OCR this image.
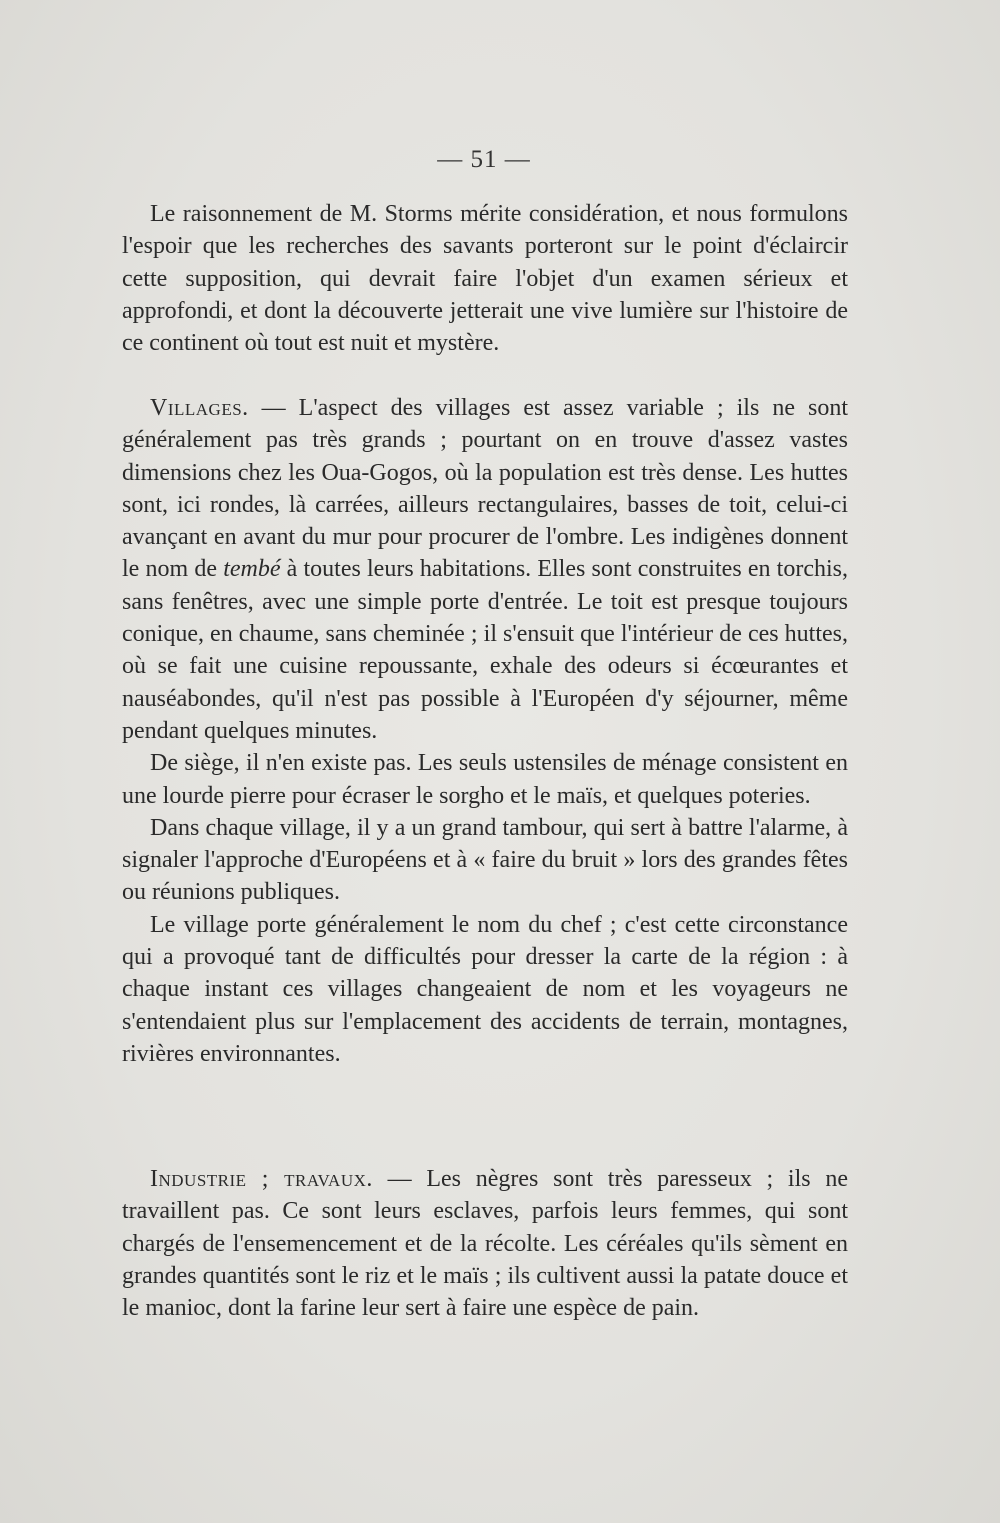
— 51 —

Le raisonnement de M. Storms mérite considération, et nous formulons l'espoir que les recherches des savants porteront sur le point d'éclaircir cette supposition, qui devrait faire l'objet d'un examen sérieux et approfondi, et dont la découverte jetterait une vive lumière sur l'histoire de ce continent où tout est nuit et mystère.

Villages. — L'aspect des villages est assez variable ; ils ne sont généralement pas très grands ; pourtant on en trouve d'assez vastes dimensions chez les Oua-Gogos, où la population est très dense. Les huttes sont, ici rondes, là carrées, ailleurs rectangulaires, basses de toit, celui-ci avançant en avant du mur pour procurer de l'ombre. Les indigènes donnent le nom de tembé à toutes leurs habitations. Elles sont construites en torchis, sans fenêtres, avec une simple porte d'entrée. Le toit est presque toujours conique, en chaume, sans cheminée ; il s'ensuit que l'intérieur de ces huttes, où se fait une cuisine repoussante, exhale des odeurs si écœurantes et nauséabondes, qu'il n'est pas possible à l'Européen d'y séjourner, même pendant quelques minutes.

De siège, il n'en existe pas. Les seuls ustensiles de ménage consistent en une lourde pierre pour écraser le sorgho et le maïs, et quelques poteries.

Dans chaque village, il y a un grand tambour, qui sert à battre l'alarme, à signaler l'approche d'Européens et à « faire du bruit » lors des grandes fêtes ou réunions publiques.

Le village porte généralement le nom du chef ; c'est cette circonstance qui a provoqué tant de difficultés pour dresser la carte de la région : à chaque instant ces villages changeaient de nom et les voyageurs ne s'entendaient plus sur l'emplacement des accidents de terrain, montagnes, rivières environnantes.

Industrie ; travaux. — Les nègres sont très paresseux ; ils ne travaillent pas. Ce sont leurs esclaves, parfois leurs femmes, qui sont chargés de l'ensemencement et de la récolte. Les céréales qu'ils sèment en grandes quantités sont le riz et le maïs ; ils cultivent aussi la patate douce et le manioc, dont la farine leur sert à faire une espèce de pain.
